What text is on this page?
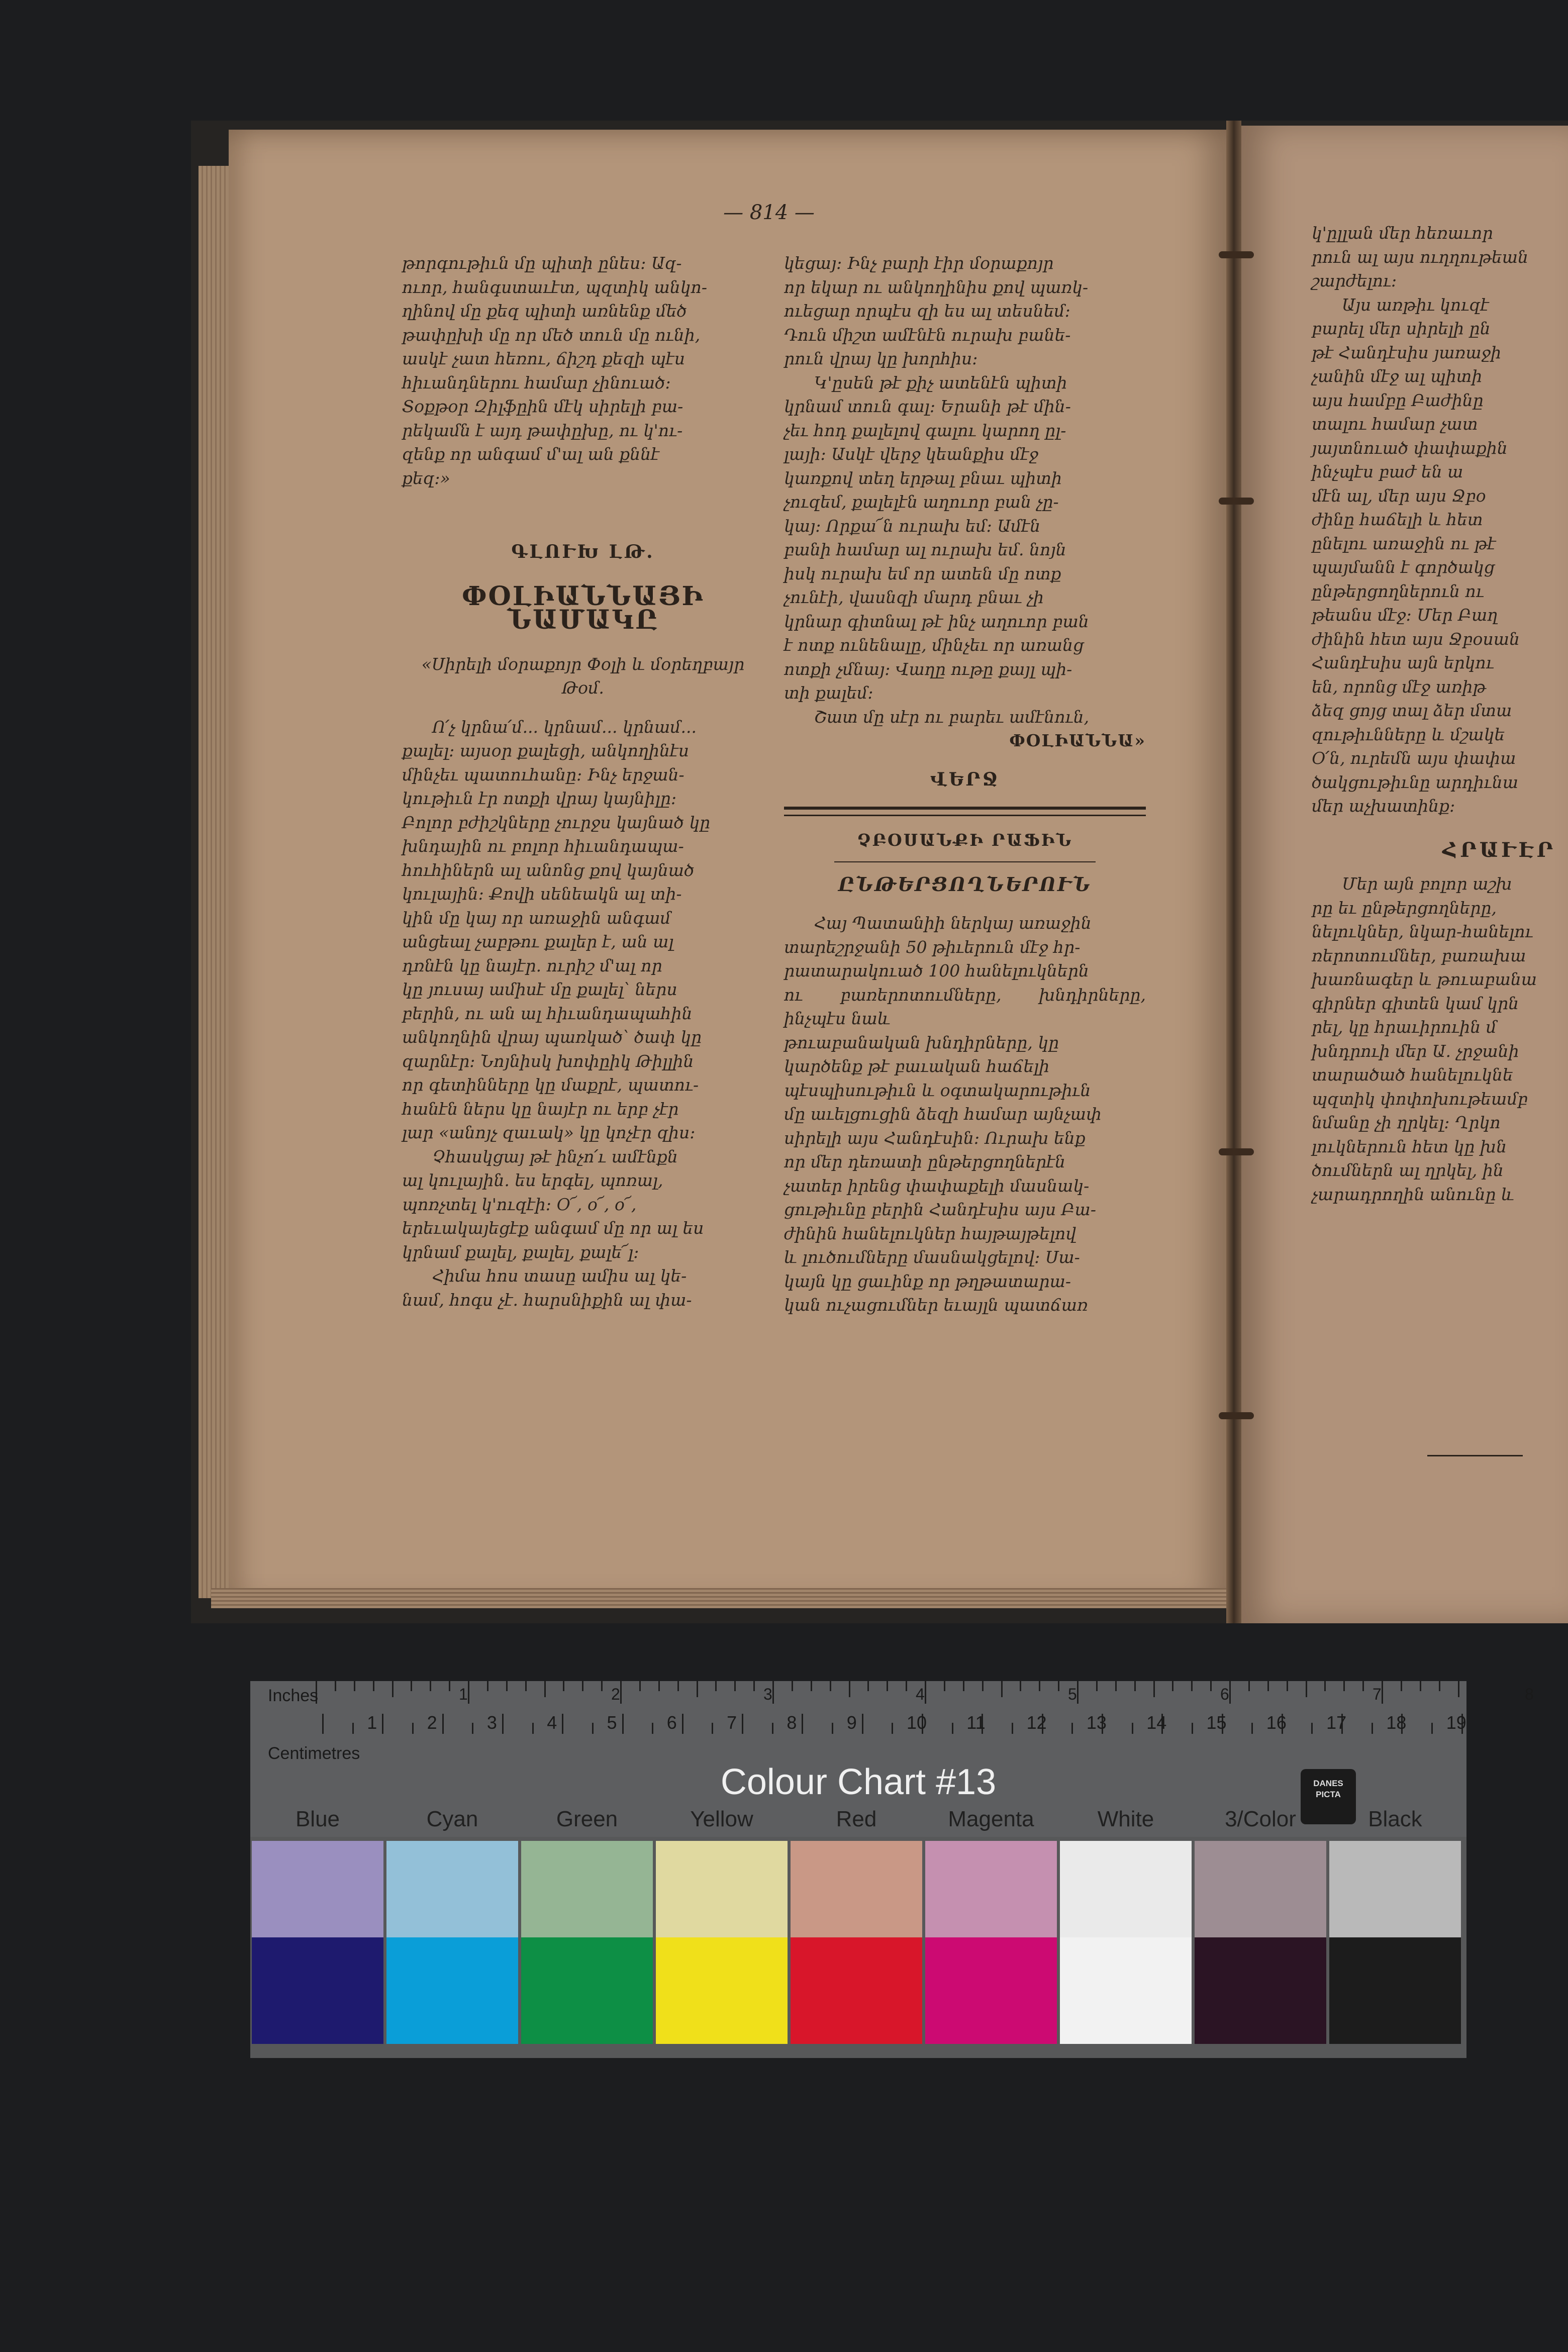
— 814 —

թորգութիւն մը պիտի ընես։ Ազ-

ուոր, հանգստաւէտ, պզտիկ անկո-

ղինով մը քեզ պիտի առնենք մեծ

թափըխի մը որ մեծ տուն մը ունի,

ասկէ չատ հեռու, ճիշդ քեզի պէս

հիւանդներու համար չինուած։

Տօքթօր Զիլֆըին մէկ սիրելի բա-

րեկամն է այդ թափըխը, ու կ'ու-

զենք որ անգամ մ'ալ ան քննէ

քեզ։»

ԳԼՈՒԽ ԼԹ.
ՓՕԼԻԱՆՆԱՅԻ ՆԱՄԱԿԸ
«Սիրելի մօրաքոյր Փօլի և մօրեղբայր Թօմ.

Ո՛չ կրնա՛մ... կրնամ... կրնամ...

քալել։ այսօր քալեցի, անկողինէս

մինչեւ պատուհանը։ Ինչ երջան-

կութիւն էր ոտքի վրայ կայնիլը։

Բոլոր բժիշկները չուրջս կայնած կը

խնդային ու բոլոր հիւանդապա-

հուհիներն ալ անոնց քով կայնած

կուլային։ Քովի սենեակն ալ տի-

կին մը կայ որ առաջին անգամ

անցեալ չաբթու քալեր է, ան ալ

դռնէն կը նայէր. ուրիշ մ'ալ որ

կը յուսայ ամիսէ մը քալել՝ ներս

բերին, ու ան ալ հիւանդապահին

անկողնին վրայ պառկած՝ ծափ կը

զարնէր։ Նոյնիսկ խոփըիկ Թիլլին

որ գետինները կը մաքրէ, պատու-

հանէն ներս կը նայէր ու երբ չէր

լար «անոյչ զաւակ» կը կոչէր զիս։

Չհասկցայ թէ ինչո՛ւ ամէնքն

ալ կուլային. ես երգել, պոռալ,

պոռչտել կ'ուզէի։ Օ՜, օ՜, օ՜,

երեւակայեցէք անգամ մը որ ալ ես

կրնամ քալել, քալել, քալե՜լ։

Հիմա հոս տասը ամիս ալ կե-

նամ, հոգս չէ. հարսնիքին ալ փա-

կեցայ։ Ինչ բարի էիր մօրաքոյր

որ եկար ու անկողինիս քով պառկ-

ուեցար որպէս զի ես ալ տեսնեմ։

Դուն միշտ ամէնէն ուրախ բանե-

րուն վրայ կը խորհիս։

Կ'ըսեն թէ քիչ ատենէն պիտի

կրնամ տուն գալ։ Երանի թէ մին-

չեւ հոդ քալելով գալու կարող ըլ-

լայի։ Ասկէ վերջ կեանքիս մէջ

կառքով տեղ երթալ բնաւ պիտի

չուզեմ, քալելէն աղուոր բան չը-

կայ։ Որքա՜ն ուրախ եմ։ Ամէն

բանի համար ալ ուրախ եմ. նոյն

իսկ ուրախ եմ որ ատեն մը ոտք

չունէի, վասնզի մարդ բնաւ չի

կրնար գիտնալ թէ ինչ աղուոր բան

է ոտք ունենալը, մինչեւ որ առանց

ոտքի չմնայ։ Վաղը ութը քայլ պի-

տի քալեմ։

Շատ մը սէր ու բարեւ ամէնուն,
ՓՕԼԻԱՆՆԱ»
ՎԵՐՋ
ՉԲՕՍԱՆՔԻ ՐԱՖԻՆ
ԸՆԹԵՐՑՈՂՆԵՐՈՒՆ

Հայ Պատանիի ներկայ առաջին

տարեշրջանի 50 թիւերուն մէջ հր-

րատարակուած 100 հանելուկներն

ու բառերոտումները, խնդիրները, ինչպէս նաև

թուաբանական խնդիրները, կը

կարծենք թէ բաւական հաճելի

պէսպիսութիւն և օգտակարութիւն

մը աւելցուցին ձեզի համար այնչափ

սիրելի այս Հանդէսին։ Ուրախ ենք

որ մեր դեռատի ընթերցողներէն

չատեր իրենց փափաքելի մասնակ-

ցութիւնը բերին Հանդէսիս այս Բա-

ժինին հանելուկներ հայթայթելով

և լուծումները մասնակցելով։ Սա-

կայն կը ցաւինք որ թղթատարա-

կան ուչացումներ եւայլն պատճառ

կ'ըլլան մեր հեռաւոր

րուն ալ այս ուղղութեան

շարժելու։

Այս առթիւ կուզէ

բարել մեր սիրելի ըն

թէ Հանդէսիս յառաջի

չանին մէջ ալ պիտի

այս համբը Բաժինը

տալու համար չատ

յայտնուած փափաքին

ինչպէս բաժ են ա

մէն ալ, մեր այս Ջբօ

ժինը հաճելի և հետ

ընելու առաջին ու թէ

պայմանն է գործակց

ընթերցողներուն ու

թեանս մէջ։ Մեր Բաղ

ժինին հետ այս Ջբօսան

Հանդէսիս այն երկու

են, որոնց մէջ առիթ

ձեզ ցոյց տալ ձեր մտա

զութիւնները և մշակե

Օ՛ն, ուրեմն այս փափա

ծակցութիւնը արդիւնա

մեր աչխատինք։

ՀՐԱՒԷՐ

Մեր այն բոլոր աշխ

րը եւ ընթերցողները,

նելուկներ, նկար-հանելու

ռերոտումներ, բառախա

խառնագեր և թուաբանա

գիրներ գիտեն կամ կրն

րել, կը հրաւիրուին մ

խնդրուի մեր Ա. չրջանի

տարածած հանելուկնե

պզտիկ փոփոխութեամբ

նմանը չի ղրկել։ Ղրկո

լուկներուն հետ կը խն

ծումներն ալ ղրկել, ին

չարադրողին անունը և

1	2	3	4	5	6	7	8
1	2	3	4	5	6	7	8	9	10 11 12 13 14 15 16 17 18 19
Inches
Centimetres
Colour Chart #13	DANES PICTA
Blue	Cyan	Green	Yellow	Red	Magenta	White	3/Color	Black
